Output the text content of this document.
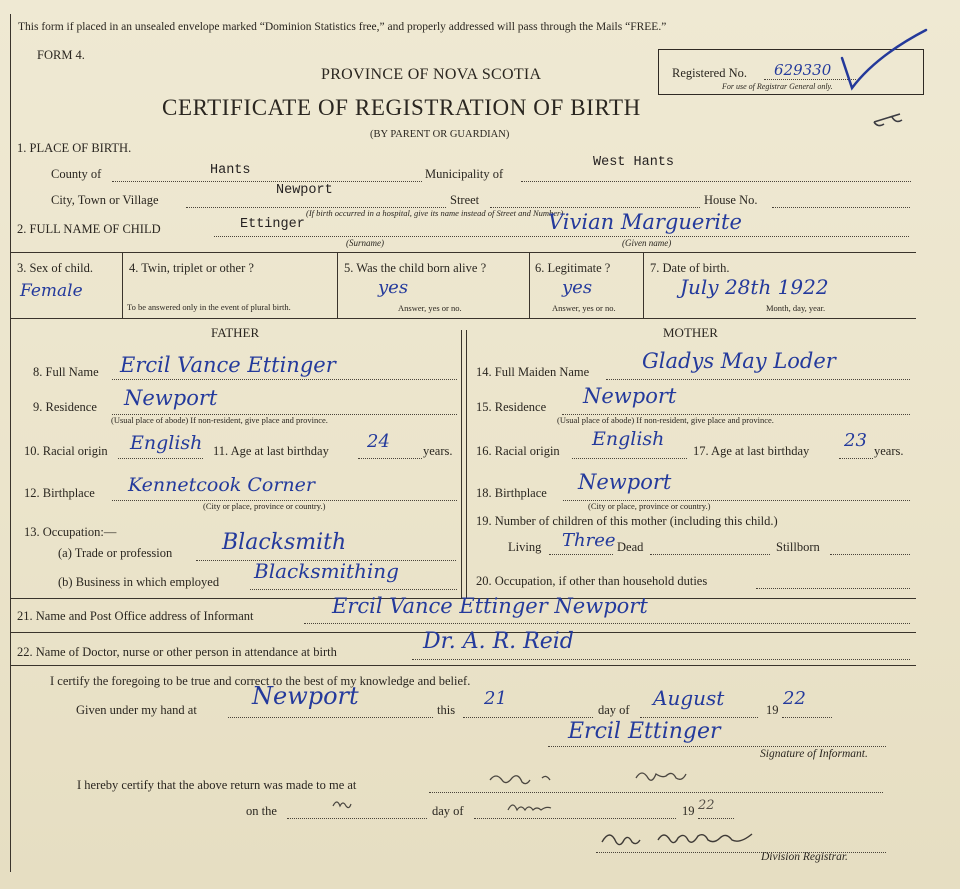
This form if placed in an unsealed envelope marked “Dominion Statistics free,” and properly addressed will pass through the Mails “FREE.”
FORM 4.
PROVINCE OF NOVA SCOTIA
CERTIFICATE OF REGISTRATION OF BIRTH
(BY PARENT OR GUARDIAN)
Registered No. 629330
For use of Registrar General only.
1. PLACE OF BIRTH.
County of	Hants	Municipality of
West Hants
City, Town or Village
Newport
Street	House No.
(If birth occurred in a hospital, give its name instead of Street and Number)
2. FULL NAME OF CHILD	Ettinger
(Surname)
Vivian Marguerite
(Given name)
3. Sex of child.
Female
4. Twin, triplet or other ?
To be answered only in the event of plural birth.
5. Was the child born alive ?
yes
Answer, yes or no.
6. Legitimate ?
yes
Answer, yes or no.
7. Date of birth.
July 28th 1922
Month, day, year.
FATHER	MOTHER
8. Full Name Ercil Vance Ettinger
9. Residence Newport
(Usual place of abode) If non-resident, give place and province.
10. Racial origin English 11. Age at last birthday 24	years.
12. Birthplace Kennetcook Corner
(City or place, province or country.)
13. Occupation:—
(a) Trade or profession Blacksmith
(b) Business in which employed Blacksmithing
14. Full Maiden Name	Gladys May Loder
15. Residence Newport
(Usual place of abode) If non-resident, give place and province.
16. Racial origin
English
17. Age at last birthday 23 years.
18. Birthplace Newport
(City or place, province or country.)
19. Number of children of this mother (including this child.)
Living Three Dead	Stillborn
20. Occupation, if other than household duties
21. Name and Post Office address of Informant	Ercil Vance Ettinger Newport
22. Name of Doctor, nurse or other person in attendance at birth	Dr. A. R. Reid
I certify the foregoing to be true and correct to the best of my knowledge and belief.
Given under my hand at Newport	this
21
day of August	19
22
Ercil Ettinger
Signature of Informant.
I hereby certify that the above return was made to me at
on the	day of	19 22
Division Registrar.
